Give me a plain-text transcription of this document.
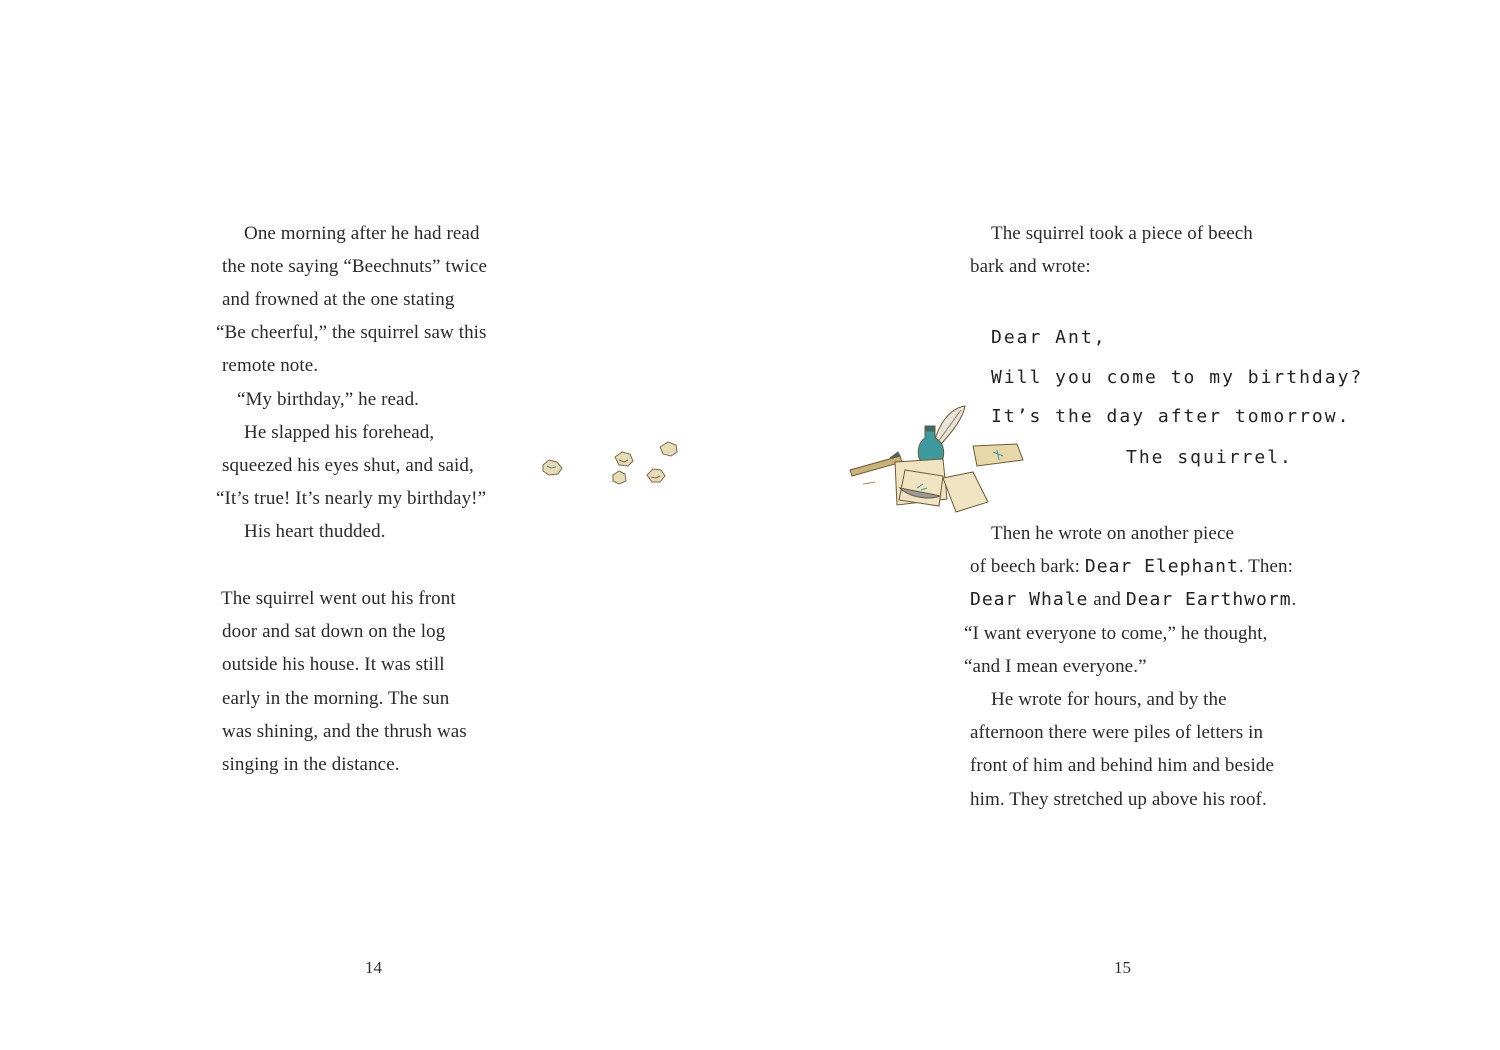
One morning after he had read
the note saying “Beechnuts” twice
and frowned at the one stating
“Be cheerful,” the squirrel saw this
remote note.
“My birthday,” he read.
He slapped his forehead,
squeezed his eyes shut, and said,
“It’s true! It’s nearly my birthday!”
His heart thudded.
The squirrel went out his front
door and sat down on the log
outside his house. It was still
early in the morning. The sun
was shining, and the thrush was
singing in the distance.
14
The squirrel took a piece of beech
bark and wrote:
Dear Ant,
Will you come to my birthday?
It’s the day after tomorrow.
The squirrel.
Then he wrote on another piece
of beech bark: Dear Elephant. Then:
Dear Whale and Dear Earthworm.
“I want everyone to come,” he thought,
“and I mean everyone.”
He wrote for hours, and by the
afternoon there were piles of letters in
front of him and behind him and beside
him. They stretched up above his roof.
15
